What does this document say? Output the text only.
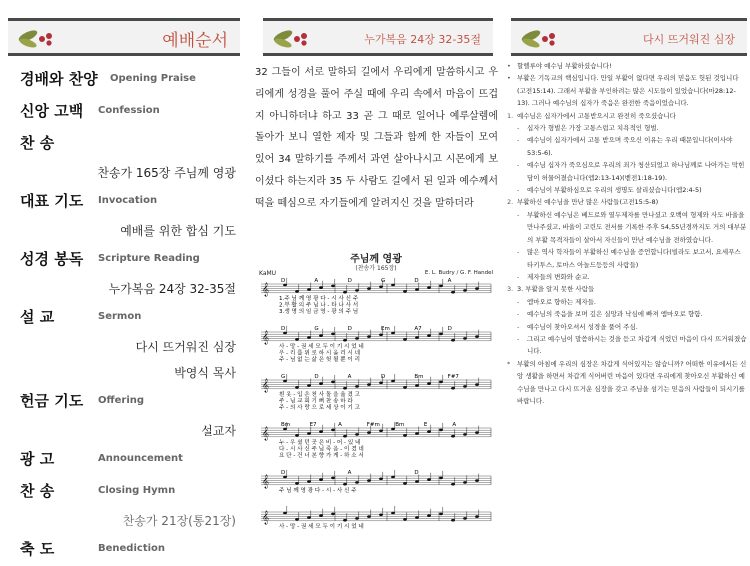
예배순서
경배와 찬양 Opening Praise
신앙 고백 Confession
찬 송
찬송가 165장 주님께 영광
대표 기도 Invocation
예배를 위한 합심 기도
성경 봉독 Scripture Reading
누가복음 24장 32-35절
설 교	Sermon
다시 뜨거워진 심장
박영식 목사
헌금 기도 Offering
설교자
광 고	Announcement
찬 송	Closing Hymn
찬송가 21장(통21장)
축 도	Benediction
누가복음 24장 32-35절
32 그들이 서로 말하되 길에서 우리에게 말씀하시고 우리에게 성경을 풀어 주실 때에 우리 속에서 마음이 뜨겁지 아니하더냐 하고 33 곧 그 때로 일어나 예루살렘에 돌아가 보니 열한 제자 및 그들과 함께 한 자들이 모여 있어 34 말하기를 주께서 과연 살아나시고 시몬에게 보이셨다 하는지라 35 두 사람도 길에서 된 일과 예수께서 떡을 떼심으로 자기들에게 알려지신 것을 말하더라
주님께 영광
(찬송가 165장)
KaMU	E. L. Budry / G. F. Handel
D	A	D	G	D	A
𝄞
1.주 님 께 영 광 다 - 시 사 신 주
2.부 활 의 주 님 나 - 타 나 사 서
3.생 명 의 임 금 영 - 광 의 주 님
D	G	D	Em	A7	D
𝄞
사 - 망 - 권 세 모 두 이 기 시 었 네
우 - 리 를 위 로 하 시 올 리 시 네
주 - 님 없 는 삶 은 헛 될 뿐 이 리
G	D	A	D	Bm	F#7
𝄞
흰 옷 - 입 은 천 사 돌 을 옮 겼 고
주 - 님 교 회 기 뻐 찬 송 하 라
주 - 의 사 랑 으 로 세 상 이 기 고
Bm	E7	A	F#m	Bm	E	A
𝄞
누 - 우 셨 던 곳 은 비 - 어 - 있 네
다 - 시 사 신 주 님 죽 음 - 이 겼 네
요 단 - 건 너 본 향 가 게 - 하 소 서
D	A	D
𝄞
주 님 께 영 광 다 - 시 - 사 신 주
𝄞
사 - 망 - 권 세 모 두 이 기 시 었 네
다시 뜨거워진 심장
• 할렐루야 예수님 부활하셨습니다!
• 부활은 기독교의 핵심입니다. 만일 부활이 없다면 우리의 믿음도 헛된 것입니다(고전15:14). 그래서 부활을 부인하려는 많은 시도들이 있었습니다(마28:12-13). 그러나 예수님의 십자가 죽음은 완전한 죽음이었습니다.
1. 예수님은 십자가에서 고통받으시고 완전히 죽으셨습니다
-	십자가 형벌은 가장 고통스럽고 치욕적인 형벌.
-	예수님이 십자가에서 고통 받으며 죽으신 이유는 우리 때문입니다(이사야53:5-6).
-	예수님 십자가 죽으심으로 우리의 죄가 청산되었고 하나님께로 나아가는 막힌 담이 허물어졌습니다(엡2:13-14)(벧전1:18-19).
-	예수님이 부활하심으로 우리의 생명도 살리셨습니다(엡2:4-5)
2. 부활하신 예수님을 만난 많은 사람들(고전15:5-8)
-	부활하신 예수님은 베드로와 열두제자를 만나셨고 오백여 형제와 사도 바울을 만나주셨고, 바울이 고린도 전서를 기록한 주후 54,55년경까지도 거의 대부분의 부활 목격자들이 살아서 자신들이 만난 예수님을 전하였습니다.
-	많은 역사 학자들이 부활하신 예수님을 증언합니다(빌라도 보고서, 요세푸스 타키투스, 토마스 아놀드등등의 사람들)
-	제자들의 변화와 순교.
3. 3. 부활을 알지 못한 사람들
-	엠마오로 향하는 제자들.
-	예수님의 죽음을 보며 깊은 실망과 낙심에 빠져 엠마오로 향함.
-	예수님이 찾아오셔서 성경을 풀어 주심.
-	그리고 예수님이 말씀하시는 것을 듣고 차갑게 식었던 마음이 다시 뜨거워졌습니다.
*	부활의 아침에 우리의 심장은 차갑게 식어있지는 않습니까? 어떠한 이유에서든 신앙 생활을 하면서 차갑게 식어버린 마음이 있다면 우리에게 찾아오신 부활하신 예수님을 만나고 다시 뜨거운 심장을 갖고 주님을 섬기는 믿음의 사람들이 되시기를 바랍니다.
